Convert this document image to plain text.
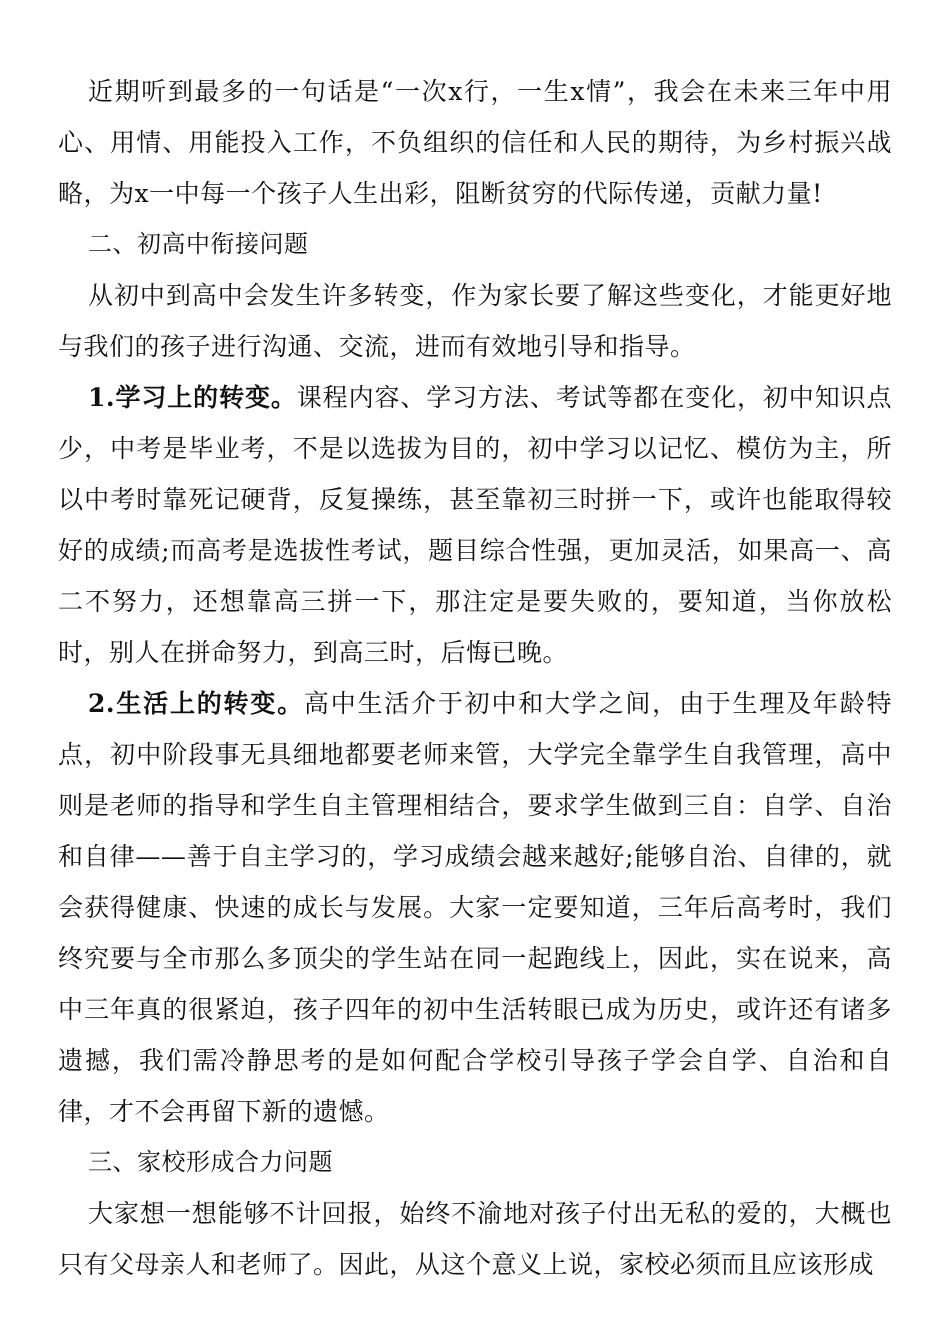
近期听到最多的一句话是“一次x行，一生x情”，我会在未来三年中用心、用情、用能投入工作，不负组织的信任和人民的期待，为乡村振兴战略，为x一中每一个孩子人生出彩，阻断贫穷的代际传递，贡献力量!

二、初高中衔接问题

从初中到高中会发生许多转变，作为家长要了解这些变化，才能更好地与我们的孩子进行沟通、交流，进而有效地引导和指导。

1.学习上的转变。课程内容、学习方法、考试等都在变化，初中知识点少，中考是毕业考，不是以选拔为目的，初中学习以记忆、模仿为主，所以中考时靠死记硬背，反复操练，甚至靠初三时拼一下，或许也能取得较好的成绩;而高考是选拔性考试，题目综合性强，更加灵活，如果高一、高二不努力，还想靠高三拼一下，那注定是要失败的，要知道，当你放松时，别人在拼命努力，到高三时，后悔已晚。

2.生活上的转变。高中生活介于初中和大学之间，由于生理及年龄特点，初中阶段事无具细地都要老师来管，大学完全靠学生自我管理，高中则是老师的指导和学生自主管理相结合，要求学生做到三自：自学、自治和自律——善于自主学习的，学习成绩会越来越好;能够自治、自律的，就会获得健康、快速的成长与发展。大家一定要知道，三年后高考时，我们终究要与全市那么多顶尖的学生站在同一起跑线上，因此，实在说来，高中三年真的很紧迫，孩子四年的初中生活转眼已成为历史，或许还有诸多遗撼，我们需冷静思考的是如何配合学校引导孩子学会自学、自治和自律，才不会再留下新的遗憾。

三、家校形成合力问题

大家想一想能够不计回报，始终不渝地对孩子付出无私的爱的，大概也只有父母亲人和老师了。因此，从这个意义上说，家校必须而且应该形成
